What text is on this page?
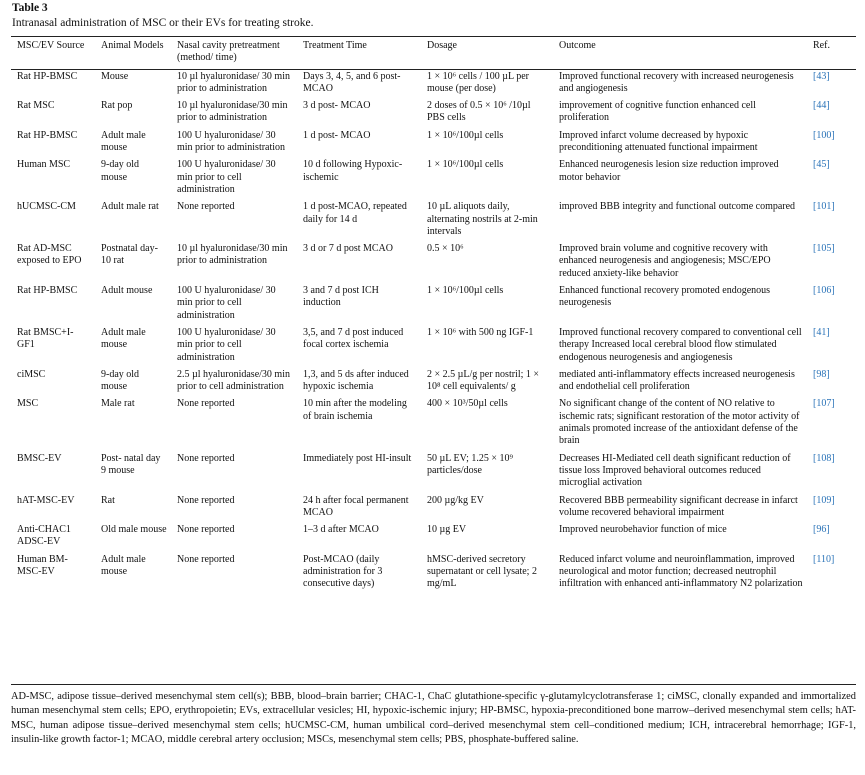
Table 3
Intranasal administration of MSC or their EVs for treating stroke.
MSC/EV Source	Animal Models	Nasal cavity pretreatment (method/ time)	Treatment Time	Dosage	Outcome	Ref.
Rat HP-BMSC	Mouse	10 µl hyaluronidase/ 30 min prior to administration	Days 3, 4, 5, and 6 post-MCAO	1 × 10⁶ cells / 100 µL per mouse (per dose)	Improved functional recovery with increased neurogenesis and angiogenesis	[43]
Rat MSC	Rat pop	10 µl hyaluronidase/30 min prior to administration	3 d post- MCAO	2 doses of 0.5 × 10⁶ /10µl PBS cells	improvement of cognitive function enhanced cell proliferation	[44]
Rat HP-BMSC	Adult male mouse	100 U hyaluronidase/ 30 min prior to administration	1 d post- MCAO	1 × 10⁶/100µl cells	Improved infarct volume decreased by hypoxic preconditioning attenuated functional impairment	[100]
Human MSC	9-day old mouse	100 U hyaluronidase/ 30 min prior to cell administration	10 d following Hypoxic-ischemic	1 × 10⁶/100µl cells	Enhanced neurogenesis lesion size reduction improved motor behavior	[45]
hUCMSC-CM	Adult male rat	None reported	1 d post-MCAO, repeated daily for 14 d	10 µL aliquots daily, alternating nostrils at 2-min intervals	improved BBB integrity and functional outcome compared	[101]
Rat AD-MSC exposed to EPO	Postnatal day-10 rat	10 µl hyaluronidase/30 min prior to administration	3 d or 7 d post MCAO	0.5 × 10⁶	Improved brain volume and cognitive recovery with enhanced neurogenesis and angiogenesis; MSC/EPO reduced anxiety-like behavior	[105]
Rat HP-BMSC	Adult mouse	100 U hyaluronidase/ 30 min prior to cell administration	3 and 7 d post ICH induction	1 × 10⁶/100µl cells	Enhanced functional recovery promoted endogenous neurogenesis	[106]
Rat BMSC+I-GF1	Adult male mouse	100 U hyaluronidase/ 30 min prior to cell administration	3,5, and 7 d post induced focal cortex ischemia	1 × 10⁶ with 500 ng IGF-1	Improved functional recovery compared to conventional cell therapy Increased local cerebral blood flow stimulated endogenous neurogenesis and angiogenesis	[41]
ciMSC	9-day old mouse	2.5 µl hyaluronidase/30 min prior to cell administration	1,3, and 5 ds after induced hypoxic ischemia	2 × 2.5 µL/g per nostril; 1 × 10⁸ cell equivalents/ g	mediated anti-inflammatory effects increased neurogenesis and endothelial cell proliferation	[98]
MSC	Male rat	None reported	10 min after the modeling of brain ischemia	400 × 10³/50µl cells	No significant change of the content of NO relative to ischemic rats; significant restoration of the motor activity of animals promoted increase of the antioxidant defense of the brain	[107]
BMSC-EV	Post- natal day 9 mouse	None reported	Immediately post HI-insult	50 µL EV; 1.25 × 10⁹ particles/dose	Decreases HI-Mediated cell death significant reduction of tissue loss Improved behavioral outcomes reduced microglial activation	[108]
hAT-MSC-EV	Rat	None reported	24 h after focal permanent MCAO	200 µg/kg EV	Recovered BBB permeability significant decrease in infarct volume recovered behavioral impairment	[109]
Anti-CHAC1 ADSC-EV	Old male mouse	None reported	1–3 d after MCAO	10 µg EV	Improved neurobehavior function of mice	[96]
Human BM-MSC-EV	Adult male mouse	None reported	Post-MCAO (daily administration for 3 consecutive days)	hMSC-derived secretory supernatant or cell lysate; 2 mg/mL	Reduced infarct volume and neuroinflammation, improved neurological and motor function; decreased neutrophil infiltration with enhanced anti-inflammatory N2 polarization	[110]
AD-MSC, adipose tissue–derived mesenchymal stem cell(s); BBB, blood–brain barrier; CHAC-1, ChaC glutathione-specific γ-glutamylcyclotransferase 1; ciMSC, clonally expanded and immortalized human mesenchymal stem cells; EPO, erythropoietin; EVs, extracellular vesicles; HI, hypoxic-ischemic injury; HP-BMSC, hypoxia-preconditioned bone marrow–derived mesenchymal stem cells; hAT-MSC, human adipose tissue–derived mesenchymal stem cells; hUCMSC-CM, human umbilical cord–derived mesenchymal stem cell–conditioned medium; ICH, intracerebral hemorrhage; IGF-1, insulin-like growth factor-1; MCAO, middle cerebral artery occlusion; MSCs, mesenchymal stem cells; PBS, phosphate-buffered saline.
